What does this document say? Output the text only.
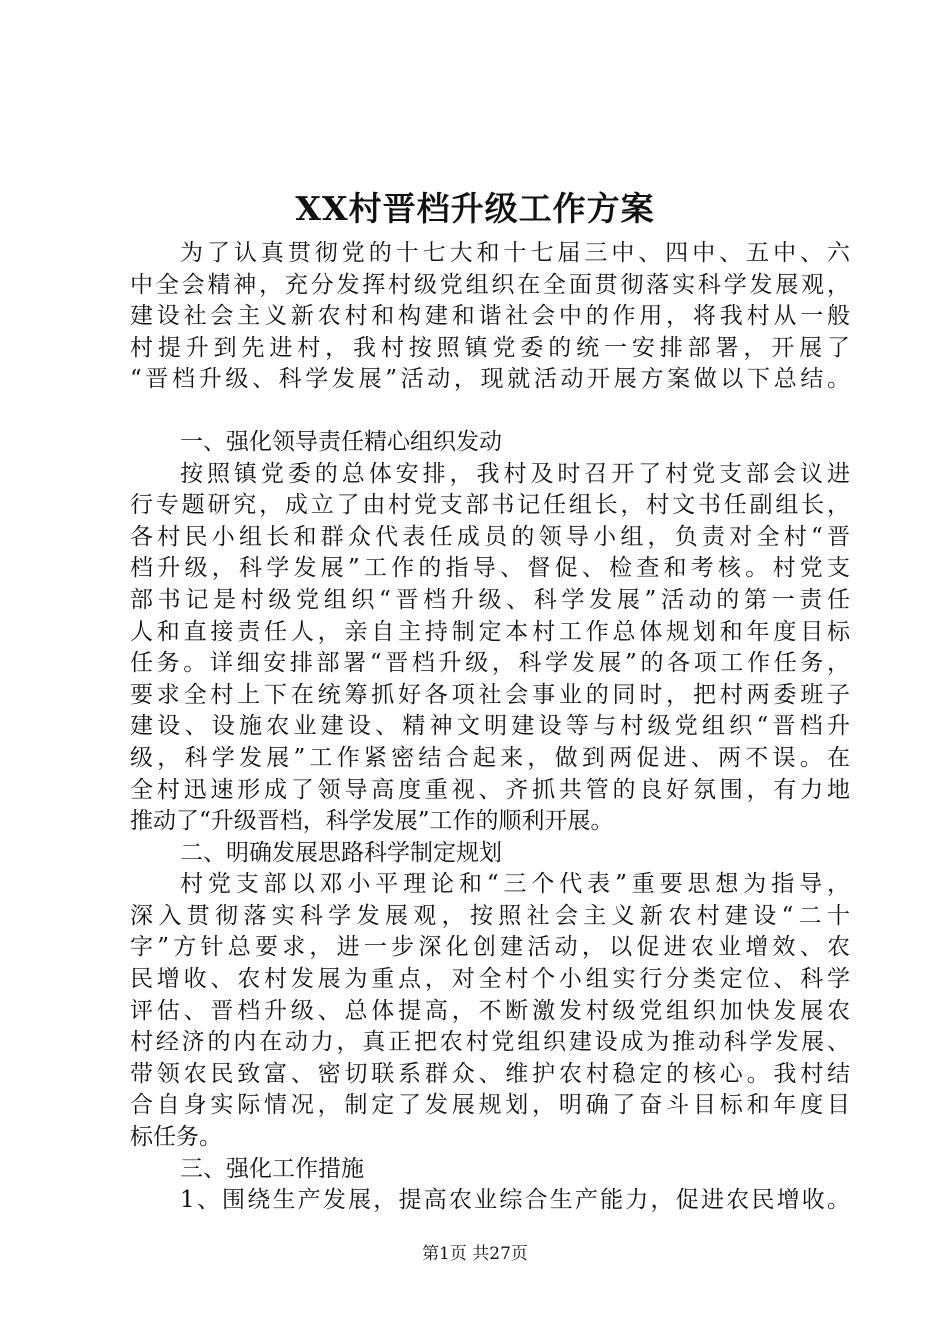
XX村晋档升级工作方案
为了认真贯彻党的十七大和十七届三中、四中、五中、六
中全会精神，充分发挥村级党组织在全面贯彻落实科学发展观，
建设社会主义新农村和构建和谐社会中的作用，将我村从一般
村提升到先进村，我村按照镇党委的统一安排部署，开展了
“晋档升级、科学发展”活动，现就活动开展方案做以下总结。
一、强化领导责任精心组织发动
按照镇党委的总体安排，我村及时召开了村党支部会议进
行专题研究，成立了由村党支部书记任组长，村文书任副组长，
各村民小组长和群众代表任成员的领导小组，负责对全村“晋
档升级，科学发展”工作的指导、督促、检查和考核。村党支
部书记是村级党组织“晋档升级、科学发展”活动的第一责任
人和直接责任人，亲自主持制定本村工作总体规划和年度目标
任务。详细安排部署“晋档升级，科学发展”的各项工作任务，
要求全村上下在统筹抓好各项社会事业的同时，把村两委班子
建设、设施农业建设、精神文明建设等与村级党组织“晋档升
级，科学发展”工作紧密结合起来，做到两促进、两不误。在
全村迅速形成了领导高度重视、齐抓共管的良好氛围，有力地
推动了“升级晋档，科学发展”工作的顺利开展。
二、明确发展思路科学制定规划
村党支部以邓小平理论和“三个代表”重要思想为指导，
深入贯彻落实科学发展观，按照社会主义新农村建设“二十
字”方针总要求，进一步深化创建活动，以促进农业增效、农
民增收、农村发展为重点，对全村个小组实行分类定位、科学
评估、晋档升级、总体提高，不断激发村级党组织加快发展农
村经济的内在动力，真正把农村党组织建设成为推动科学发展、
带领农民致富、密切联系群众、维护农村稳定的核心。我村结
合自身实际情况，制定了发展规划，明确了奋斗目标和年度目
标任务。
三、强化工作措施
1、围绕生产发展，提高农业综合生产能力，促进农民增收。
第1页 共27页
